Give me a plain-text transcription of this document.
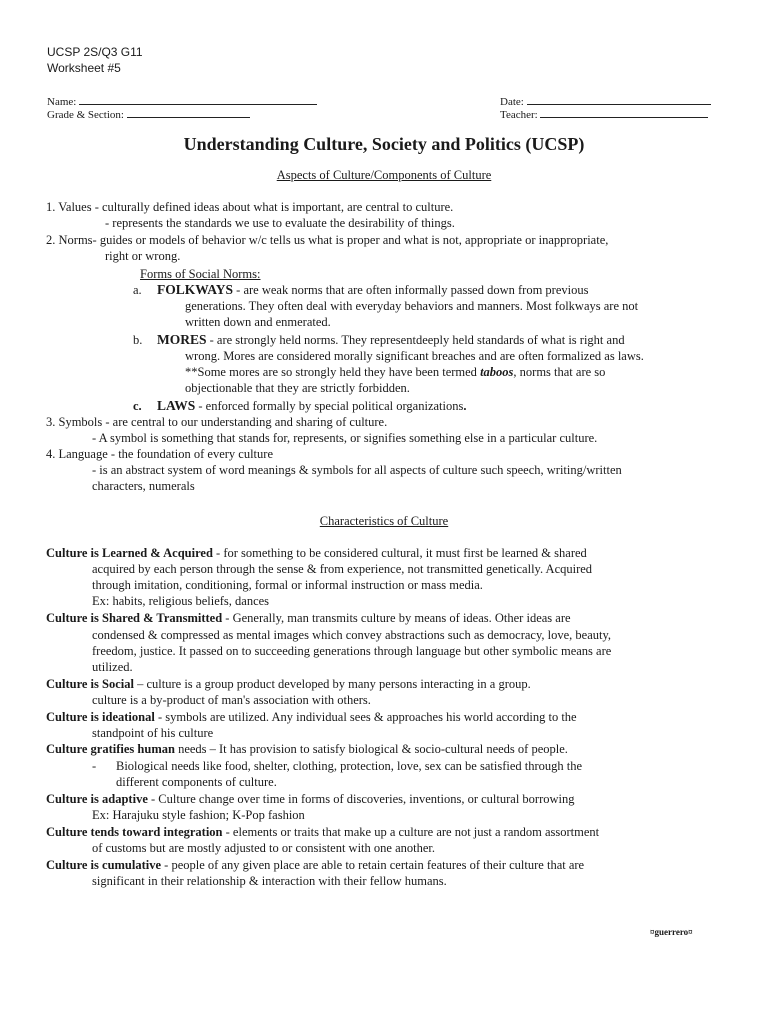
UCSP 2S/Q3 G11
Worksheet #5
Name:
Grade & Section:
Date:
Teacher:
Understanding Culture, Society and Politics (UCSP)
Aspects of Culture/Components of Culture
1. Values - culturally defined ideas about what is important, are central to culture.
- represents the standards we use to evaluate the desirability of things.
2. Norms- guides or models of behavior w/c tells us what is proper and what is not, appropriate or inappropriate,
right or wrong.
Forms of Social Norms:
a. FOLKWAYS - are weak norms that are often informally passed down from previous
generations. They often deal with everyday behaviors and manners. Most folkways are not
written down and enmerated.
b. MORES - are strongly held norms. They representdeeply held standards of what is right and
wrong. Mores are considered morally significant breaches and are often formalized as laws.
**Some mores are so strongly held they have been termed taboos, norms that are so
objectionable that they are strictly forbidden.
c. LAWS - enforced formally by special political organizations.
3. Symbols - are central to our understanding and sharing of culture.
- A symbol is something that stands for, represents, or signifies something else in a particular culture.
4. Language - the foundation of every culture
- is an abstract system of word meanings & symbols for all aspects of culture such speech, writing/written
characters, numerals
Characteristics of Culture
Culture is Learned & Acquired - for something to be considered cultural, it must first be learned & shared
acquired by each person through the sense & from experience, not transmitted genetically. Acquired
through imitation, conditioning, formal or informal instruction or mass media.
Ex: habits, religious beliefs, dances
Culture is Shared & Transmitted - Generally, man transmits culture by means of ideas. Other ideas are
condensed & compressed as mental images which convey abstractions such as democracy, love, beauty,
freedom, justice. It passed on to succeeding generations through language but other symbolic means are
utilized.
Culture is Social – culture is a group product developed by many persons interacting in a group.
culture is a by-product of man's association with others.
Culture is ideational - symbols are utilized. Any individual sees & approaches his world according to the
standpoint of his culture
Culture gratifies human needs – It has provision to satisfy biological & socio-cultural needs of people.
- Biological needs like food, shelter, clothing, protection, love, sex can be satisfied through the
different components of culture.
Culture is adaptive - Culture change over time in forms of discoveries, inventions, or cultural borrowing
Ex: Harajuku style fashion; K-Pop fashion
Culture tends toward integration - elements or traits that make up a culture are not just a random assortment
of customs but are mostly adjusted to or consistent with one another.
Culture is cumulative - people of any given place are able to retain certain features of their culture that are
significant in their relationship & interaction with their fellow humans.
¤guerrero¤
